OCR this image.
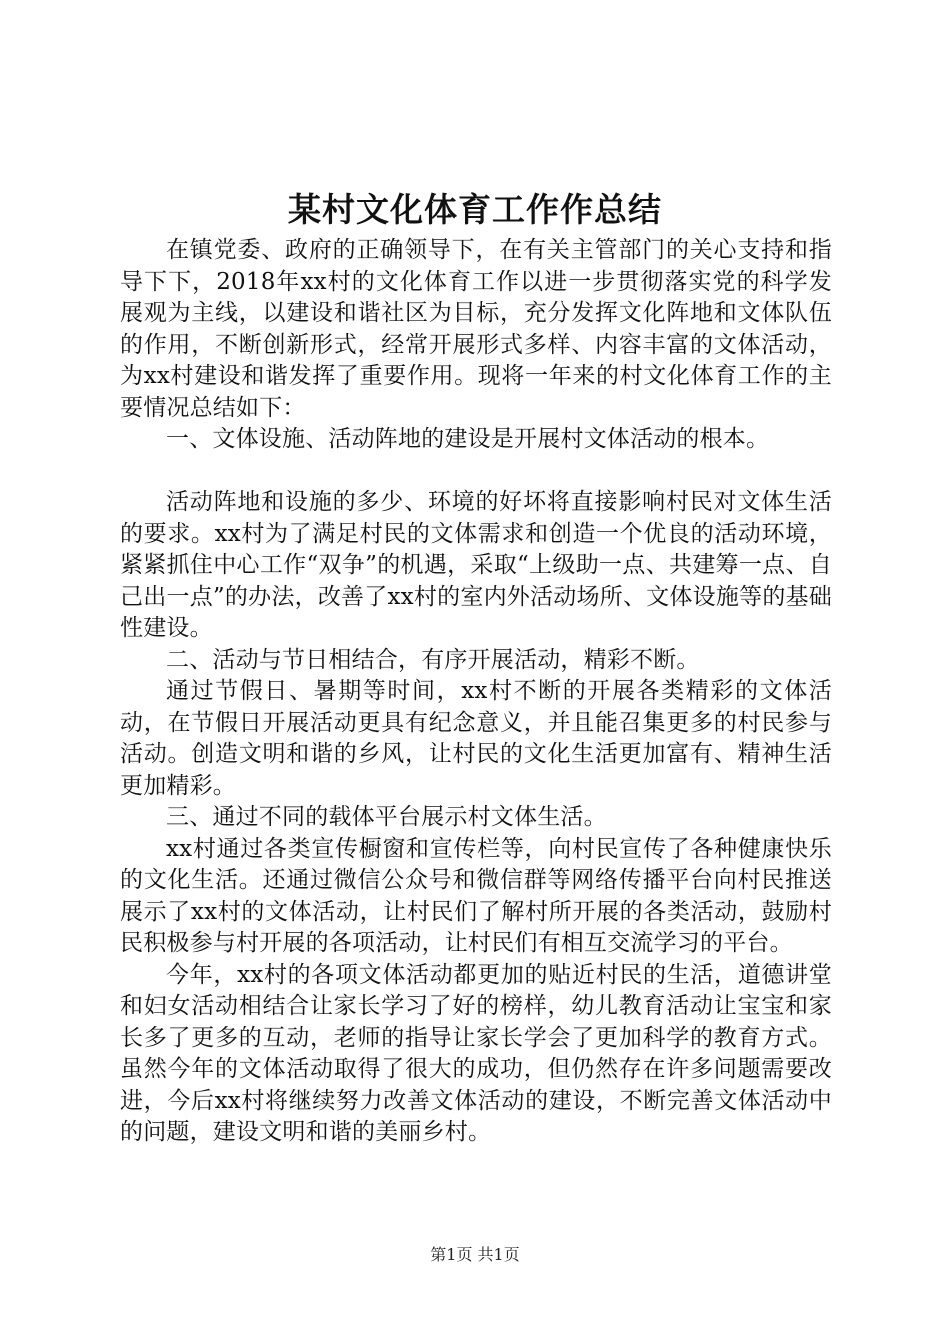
某村文化体育工作作总结

在镇党委、政府的正确领导下，在有关主管部门的关心支持和指导下下，2018年xx村的文化体育工作以进一步贯彻落实党的科学发展观为主线，以建设和谐社区为目标，充分发挥文化阵地和文体队伍的作用，不断创新形式，经常开展形式多样、内容丰富的文体活动，为xx村建设和谐发挥了重要作用。现将一年来的村文化体育工作的主要情况总结如下：

一、文体设施、活动阵地的建设是开展村文体活动的根本。

活动阵地和设施的多少、环境的好坏将直接影响村民对文体生活的要求。xx村为了满足村民的文体需求和创造一个优良的活动环境，紧紧抓住中心工作“双争”的机遇，采取“上级助一点、共建筹一点、自己出一点”的办法，改善了xx村的室内外活动场所、文体设施等的基础性建设。

二、活动与节日相结合，有序开展活动，精彩不断。

通过节假日、暑期等时间，xx村不断的开展各类精彩的文体活动，在节假日开展活动更具有纪念意义，并且能召集更多的村民参与活动。创造文明和谐的乡风，让村民的文化生活更加富有、精神生活更加精彩。

三、通过不同的载体平台展示村文体生活。

xx村通过各类宣传橱窗和宣传栏等，向村民宣传了各种健康快乐的文化生活。还通过微信公众号和微信群等网络传播平台向村民推送展示了xx村的文体活动，让村民们了解村所开展的各类活动，鼓励村民积极参与村开展的各项活动，让村民们有相互交流学习的平台。

今年，xx村的各项文体活动都更加的贴近村民的生活，道德讲堂和妇女活动相结合让家长学习了好的榜样，幼儿教育活动让宝宝和家长多了更多的互动，老师的指导让家长学会了更加科学的教育方式。虽然今年的文体活动取得了很大的成功，但仍然存在许多问题需要改进，今后xx村将继续努力改善文体活动的建设，不断完善文体活动中的问题，建设文明和谐的美丽乡村。

第1页 共1页
